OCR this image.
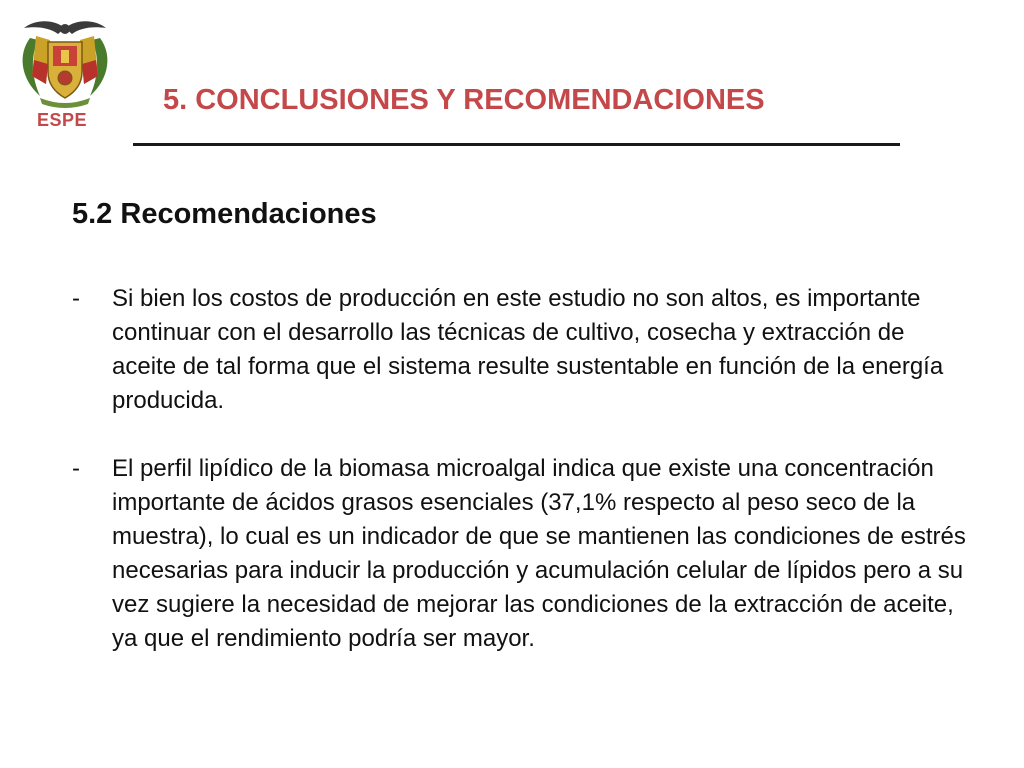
ESPE
5. CONCLUSIONES Y RECOMENDACIONES
5.2 Recomendaciones
- Si bien los costos de producción en este estudio no son altos, es importante continuar con el desarrollo las técnicas de cultivo, cosecha y extracción de aceite de tal forma que el sistema resulte sustentable en función de la energía producida.
- El perfil lipídico de la biomasa microalgal indica que existe una concentración importante de ácidos grasos esenciales (37,1% respecto al peso seco de la muestra), lo cual es un indicador de que se mantienen las condiciones de estrés necesarias para inducir la producción y acumulación celular de lípidos pero a su vez sugiere la necesidad de mejorar las condiciones de la extracción de aceite, ya que el rendimiento podría ser mayor.
